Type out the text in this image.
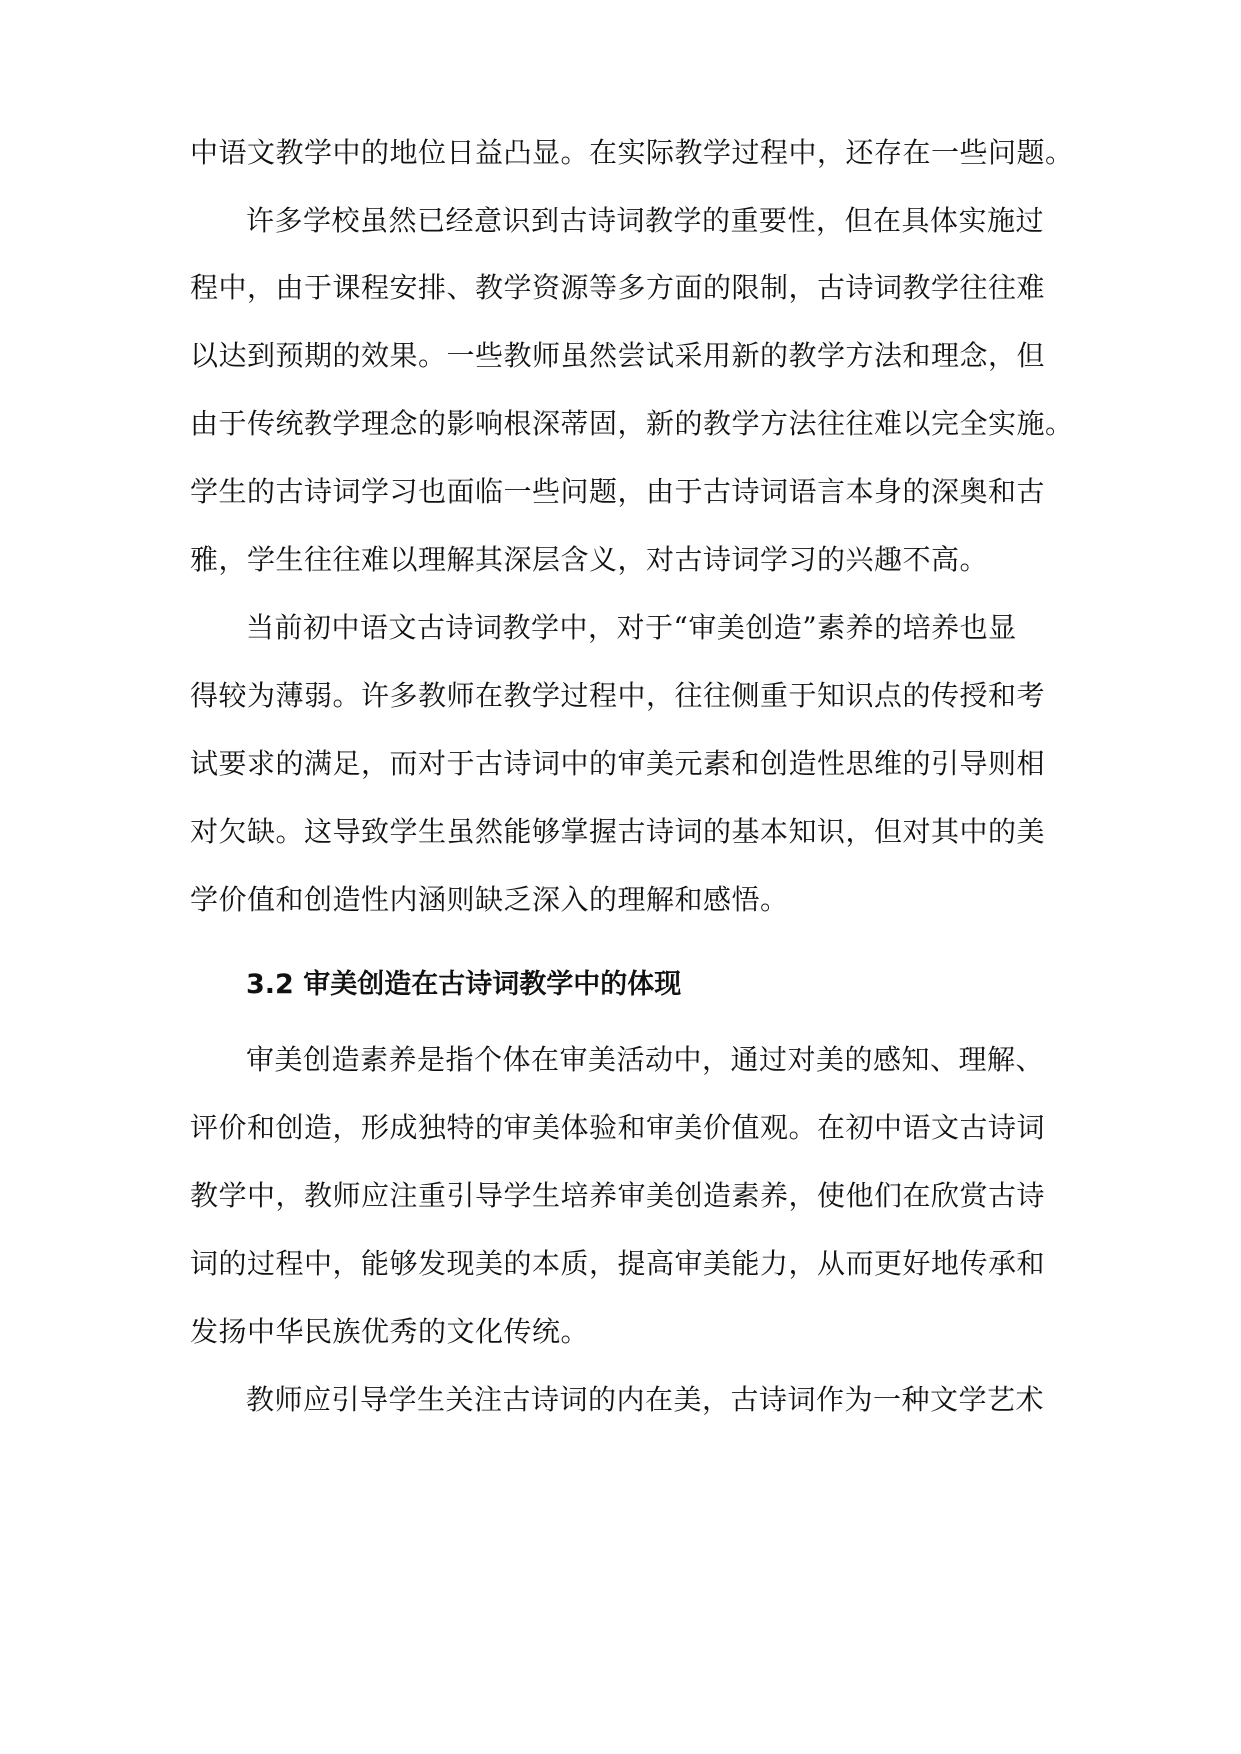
中语文教学中的地位日益凸显。在实际教学过程中，还存在一些问题。
许多学校虽然已经意识到古诗词教学的重要性，但在具体实施过
程中，由于课程安排、教学资源等多方面的限制，古诗词教学往往难
以达到预期的效果。一些教师虽然尝试采用新的教学方法和理念，但
由于传统教学理念的影响根深蒂固，新的教学方法往往难以完全实施。
学生的古诗词学习也面临一些问题，由于古诗词语言本身的深奥和古
雅，学生往往难以理解其深层含义，对古诗词学习的兴趣不高。
当前初中语文古诗词教学中，对于“审美创造”素养的培养也显
得较为薄弱。许多教师在教学过程中，往往侧重于知识点的传授和考
试要求的满足，而对于古诗词中的审美元素和创造性思维的引导则相
对欠缺。这导致学生虽然能够掌握古诗词的基本知识，但对其中的美
学价值和创造性内涵则缺乏深入的理解和感悟。
3.2 审美创造在古诗词教学中的体现
审美创造素养是指个体在审美活动中，通过对美的感知、理解、
评价和创造，形成独特的审美体验和审美价值观。在初中语文古诗词
教学中，教师应注重引导学生培养审美创造素养，使他们在欣赏古诗
词的过程中，能够发现美的本质，提高审美能力，从而更好地传承和
发扬中华民族优秀的文化传统。
教师应引导学生关注古诗词的内在美，古诗词作为一种文学艺术
